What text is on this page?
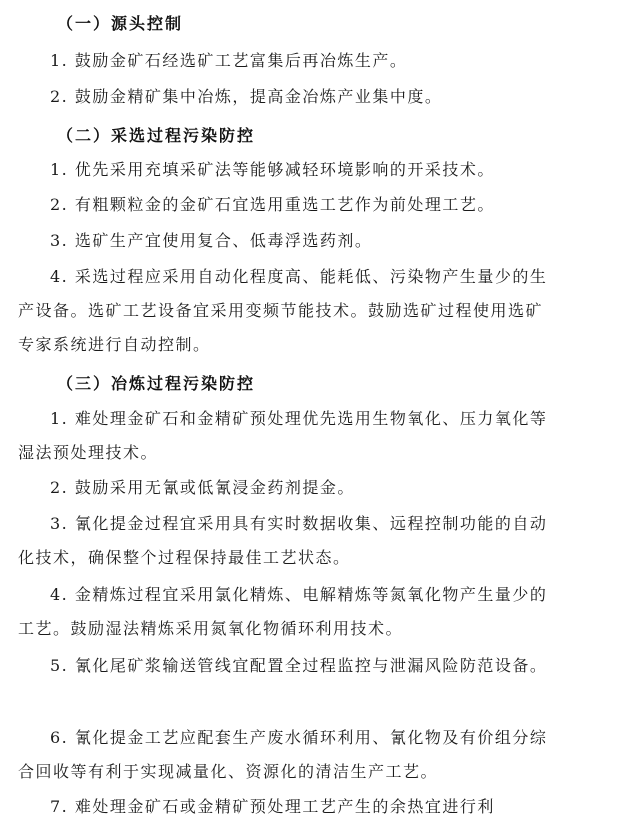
（一）源头控制

1. 鼓励金矿石经选矿工艺富集后再冶炼生产。

2. 鼓励金精矿集中冶炼，提高金冶炼产业集中度。

（二）采选过程污染防控

1. 优先采用充填采矿法等能够减轻环境影响的开采技术。

2. 有粗颗粒金的金矿石宜选用重选工艺作为前处理工艺。

3. 选矿生产宜使用复合、低毒浮选药剂。

4. 采选过程应采用自动化程度高、能耗低、污染物产生量少的生产设备。选矿工艺设备宜采用变频节能技术。鼓励选矿过程使用选矿专家系统进行自动控制。

（三）冶炼过程污染防控

1. 难处理金矿石和金精矿预处理优先选用生物氧化、压力氧化等湿法预处理技术。

2. 鼓励采用无氰或低氰浸金药剂提金。

3. 氰化提金过程宜采用具有实时数据收集、远程控制功能的自动化技术，确保整个过程保持最佳工艺状态。

4. 金精炼过程宜采用氯化精炼、电解精炼等氮氧化物产生量少的工艺。鼓励湿法精炼采用氮氧化物循环利用技术。

5. 氰化尾矿浆输送管线宜配置全过程监控与泄漏风险防范设备。

6. 氰化提金工艺应配套生产废水循环利用、氰化物及有价组分综合回收等有利于实现减量化、资源化的清洁生产工艺。

7. 难处理金矿石或金精矿预处理工艺产生的余热宜进行利
